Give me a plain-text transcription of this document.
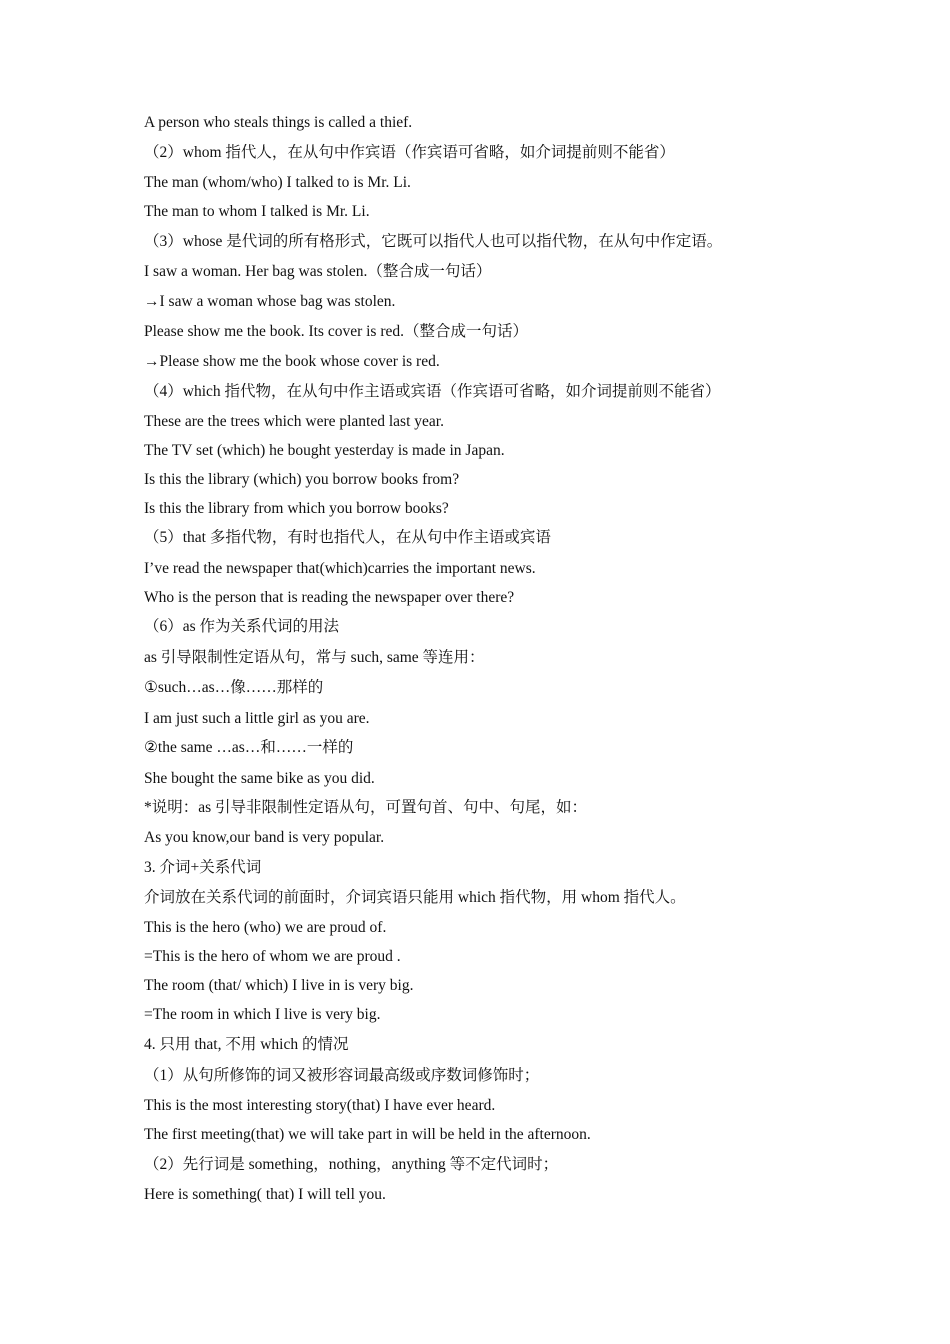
A person who steals things is called a thief.
（2）whom 指代人，在从句中作宾语（作宾语可省略，如介词提前则不能省）
The man (whom/who) I talked to is Mr. Li.
The man to whom I talked is Mr. Li.
（3）whose 是代词的所有格形式，它既可以指代人也可以指代物，在从句中作定语。
I saw a woman. Her bag was stolen.（整合成一句话）
→I saw a woman whose bag was stolen.
Please show me the book. Its cover is red.（整合成一句话）
→Please show me the book whose cover is red.
（4）which 指代物，在从句中作主语或宾语（作宾语可省略，如介词提前则不能省）
These are the trees which were planted last year.
The TV set (which) he bought yesterday is made in Japan.
Is this the library (which) you borrow books from?
Is this the library from which you borrow books?
（5）that 多指代物，有时也指代人，在从句中作主语或宾语
I’ve read the newspaper that(which)carries the important news.
Who is the person that is reading the newspaper over there?
（6）as 作为关系代词的用法
as 引导限制性定语从句，常与 such, same 等连用：
①such…as…像……那样的
I am just such a little girl as you are.
②the same …as…和……一样的
She bought the same bike as you did.
*说明：as 引导非限制性定语从句，可置句首、句中、句尾，如：
As you know,our band is very popular.
3. 介词+关系代词
介词放在关系代词的前面时，介词宾语只能用 which 指代物，用 whom 指代人。
This is the hero (who) we are proud of.
=This is the hero of whom we are proud .
The room (that/ which) I live in is very big.
=The room in which I live is very big.
4. 只用 that, 不用 which 的情况
（1）从句所修饰的词又被形容词最高级或序数词修饰时；
This is the most interesting story(that) I have ever heard.
The first meeting(that) we will take part in will be held in the afternoon.
（2）先行词是 something，nothing，anything 等不定代词时；
Here is something( that) I will tell you.
